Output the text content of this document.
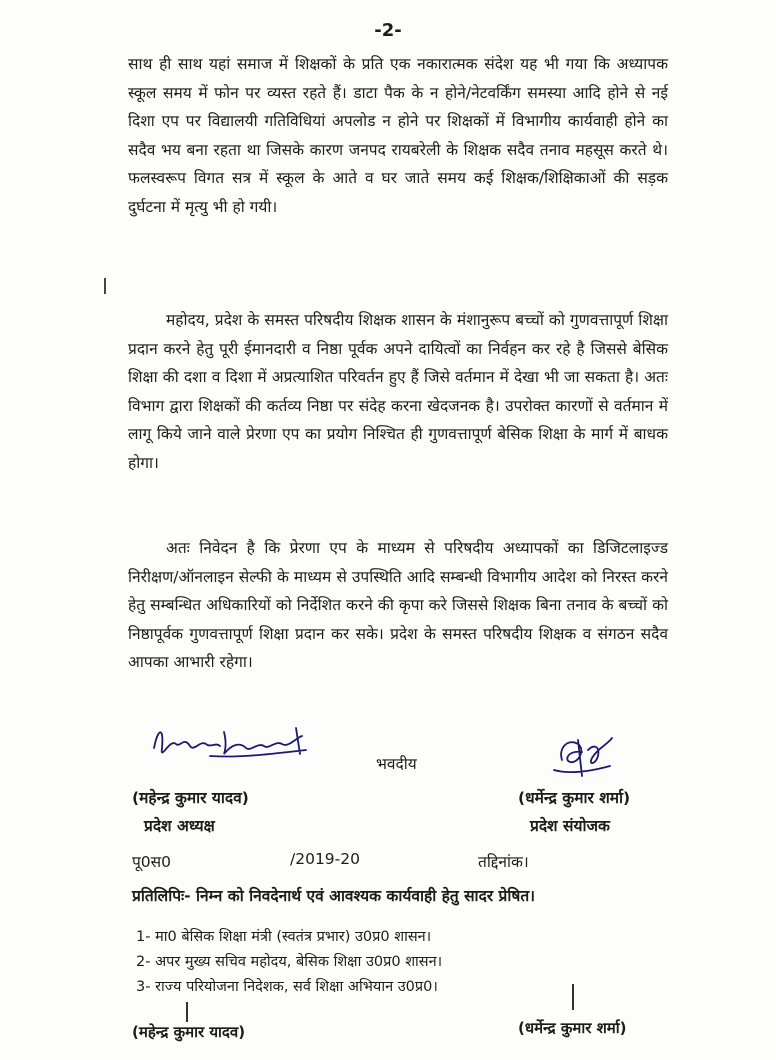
-2-
साथ ही साथ यहां समाज में शिक्षकों के प्रति एक नकारात्मक संदेश यह भी गया कि अध्यापक स्कूल समय में फोन पर व्यस्त रहते हैं। डाटा पैक के न होने/नेटवर्किंग समस्या आदि होने से नई दिशा एप पर विद्यालयी गतिविधियां अपलोड न होने पर शिक्षकों में विभागीय कार्यवाही होने का सदैव भय बना रहता था जिसके कारण जनपद रायबरेली के शिक्षक सदैव तनाव महसूस करते थे। फलस्वरूप विगत सत्र में स्कूल के आते व घर जाते समय कई शिक्षक/शिक्षिकाओं की सड़क दुर्घटना में मृत्यु भी हो गयी।
महोदय, प्रदेश के समस्त परिषदीय शिक्षक शासन के मंशानुरूप बच्चों को गुणवत्तापूर्ण शिक्षा प्रदान करने हेतु पूरी ईमानदारी व निष्ठा पूर्वक अपने दायित्वों का निर्वहन कर रहे है जिससे बेसिक शिक्षा की दशा व दिशा में अप्रत्याशित परिवर्तन हुए हैं जिसे वर्तमान में देखा भी जा सकता है। अतः विभाग द्वारा शिक्षकों की कर्तव्य निष्ठा पर संदेह करना खेदजनक है। उपरोक्त कारणों से वर्तमान में लागू किये जाने वाले प्रेरणा एप का प्रयोग निश्चित ही गुणवत्तापूर्ण बेसिक शिक्षा के मार्ग में बाधक होगा।
अतः निवेदन है कि प्रेरणा एप के माध्यम से परिषदीय अध्यापकों का डिजिटलाइज्ड निरीक्षण/ऑनलाइन सेल्फी के माध्यम से उपस्थिति आदि सम्बन्धी विभागीय आदेश को निरस्त करने हेतु सम्बन्धित अधिकारियों को निर्देशित करने की कृपा करे जिससे शिक्षक बिना तनाव के बच्चों को निष्ठापूर्वक गुणवत्तापूर्ण शिक्षा प्रदान कर सके। प्रदेश के समस्त परिषदीय शिक्षक व संगठन सदैव आपका आभारी रहेगा।
भवदीय
(महेन्द्र कुमार यादव)
प्रदेश अध्यक्ष
(धर्मेन्द्र कुमार शर्मा)
प्रदेश संयोजक
पू0स0	/2019-20	तद्दिनांक।
प्रतिलिपिः- निम्न को निवदेनार्थ एवं आवश्यक कार्यवाही हेतु सादर प्रेषित।
1- मा0 बेसिक शिक्षा मंत्री (स्वतंत्र प्रभार) उ0प्र0 शासन।
2- अपर मुख्य सचिव महोदय, बेसिक शिक्षा उ0प्र0 शासन।
3- राज्य परियोजना निदेशक, सर्व शिक्षा अभियान उ0प्र0।
(महेन्द्र कुमार यादव)	(धर्मेन्द्र कुमार शर्मा)
